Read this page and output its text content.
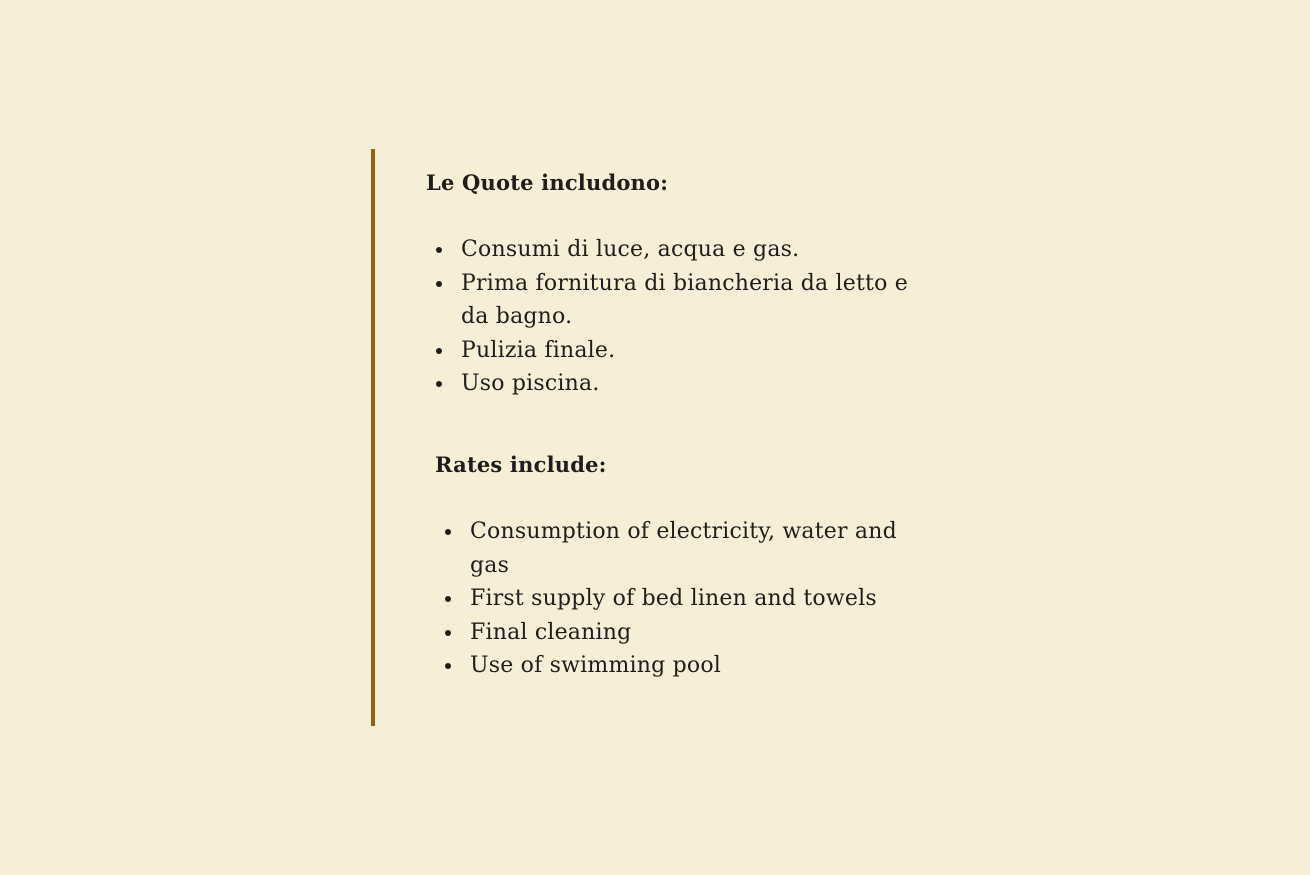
Le Quote includono:
Consumi di luce, acqua e gas.
Prima fornitura di biancheria da letto e da bagno.
Pulizia finale.
Uso piscina.
Rates include:
Consumption of electricity, water and gas
First supply of bed linen and towels
Final cleaning
Use of swimming pool
